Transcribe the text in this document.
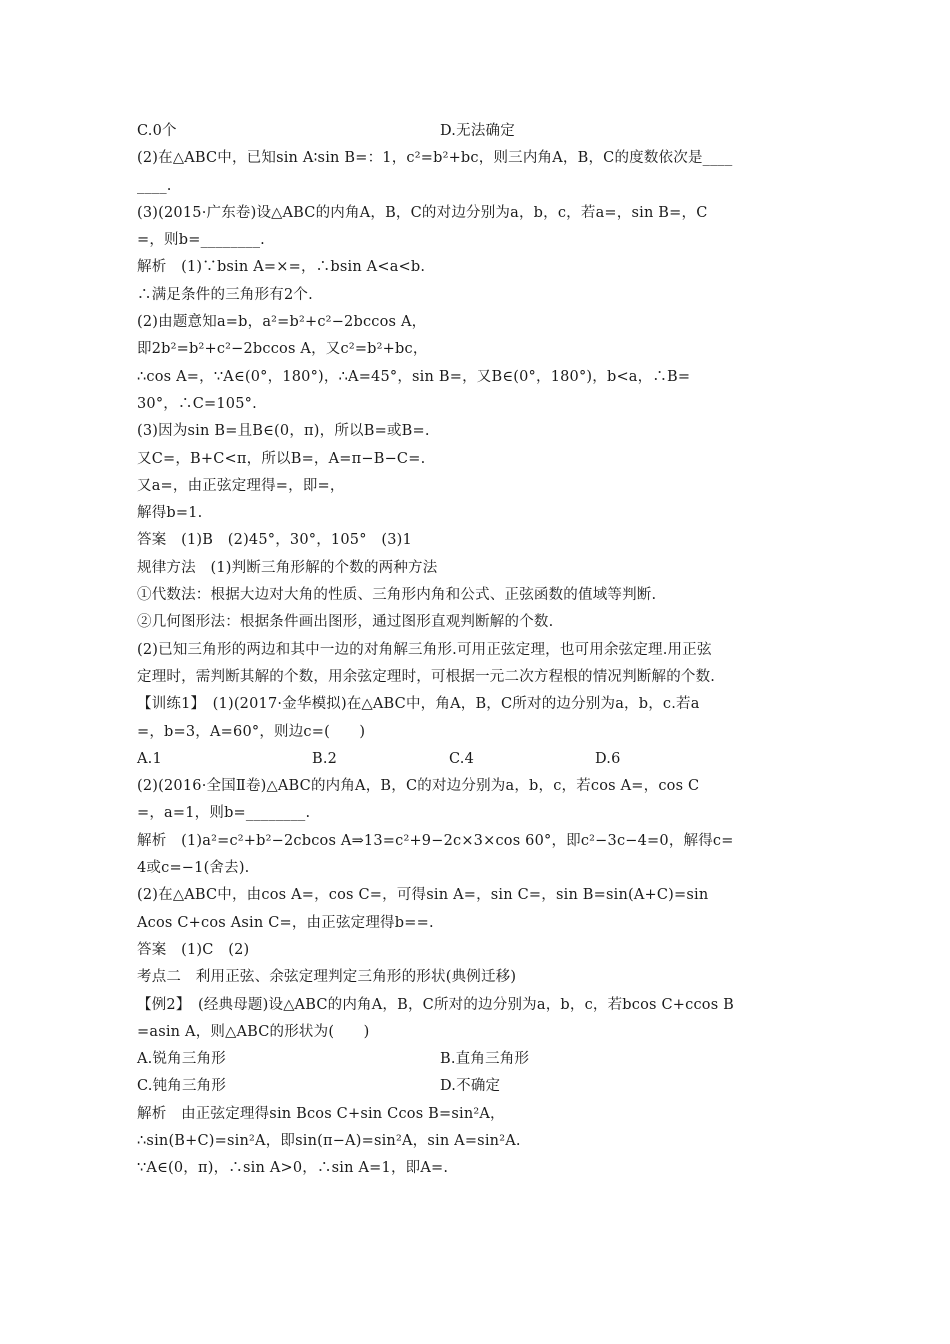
C.0个	D.无法确定
(2)在△ABC中，已知sin A∶sin B=：1，c²=b²+bc，则三内角A，B，C的度数依次是____
____.
(3)(2015·广东卷)设△ABC的内角A，B，C的对边分别为a，b，c，若a=，sin B=，C
=，则b=________.
解析　(1)∵bsin A=×=，∴bsin A<a<b.
∴满足条件的三角形有2个.
(2)由题意知a=b，a²=b²+c²−2bccos A，
即2b²=b²+c²−2bccos A，又c²=b²+bc，
∴cos A=，∵A∈(0°，180°)，∴A=45°，sin B=，又B∈(0°，180°)，b<a，∴B=
30°，∴C=105°.
(3)因为sin B=且B∈(0，π)，所以B=或B=.
又C=，B+C<π，所以B=，A=π−B−C=.
又a=，由正弦定理得=，即=，
解得b=1.
答案　(1)B　(2)45°，30°，105°　(3)1
规律方法　(1)判断三角形解的个数的两种方法
①代数法：根据大边对大角的性质、三角形内角和公式、正弦函数的值域等判断.
②几何图形法：根据条件画出图形，通过图形直观判断解的个数.
(2)已知三角形的两边和其中一边的对角解三角形.可用正弦定理，也可用余弦定理.用正弦
定理时，需判断其解的个数，用余弦定理时，可根据一元二次方程根的情况判断解的个数.
【训练1】　(1)(2017·金华模拟)在△ABC中，角A，B，C所对的边分别为a，b，c.若a
=，b=3，A=60°，则边c=(　　)
A.1	B.2	C.4	D.6
(2)(2016·全国Ⅱ卷)△ABC的内角A，B，C的对边分别为a，b，c，若cos A=，cos C
=，a=1，则b=________.
解析　(1)a²=c²+b²−2cbcos A⇒13=c²+9−2c×3×cos 60°，即c²−3c−4=0，解得c=
4或c=−1(舍去).
(2)在△ABC中，由cos A=，cos C=，可得sin A=，sin C=，sin B=sin(A+C)=sin
Acos C+cos Asin C=，由正弦定理得b==.
答案　(1)C　(2)
考点二　利用正弦、余弦定理判定三角形的形状(典例迁移)
【例2】　(经典母题)设△ABC的内角A，B，C所对的边分别为a，b，c，若bcos C+ccos B
=asin A，则△ABC的形状为(　　)
A.锐角三角形	B.直角三角形
C.钝角三角形	D.不确定
解析　由正弦定理得sin Bcos C+sin Ccos B=sin²A，
∴sin(B+C)=sin²A，即sin(π−A)=sin²A，sin A=sin²A.
∵A∈(0，π)，∴sin A>0，∴sin A=1，即A=.
